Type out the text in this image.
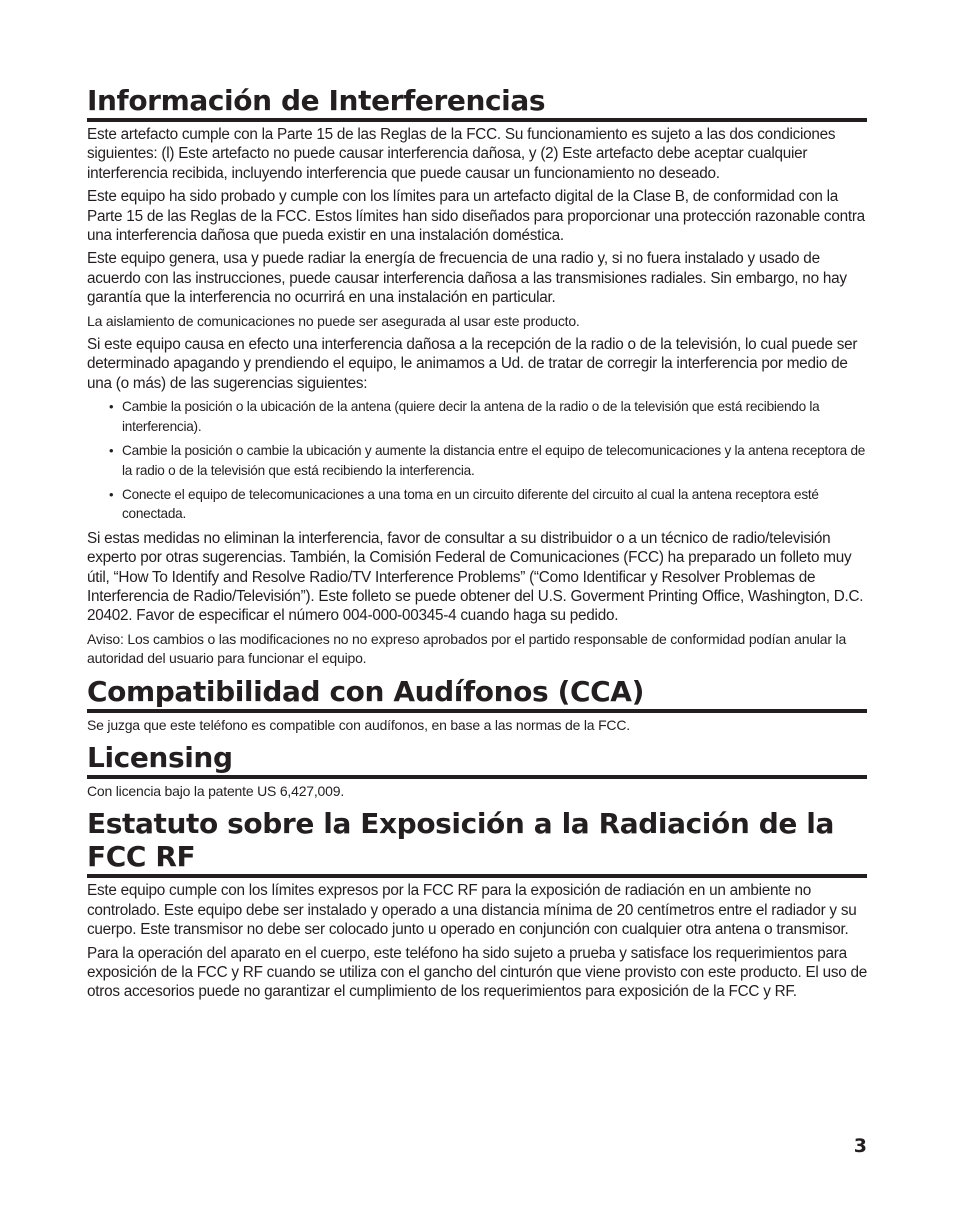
Información de Interferencias

Este artefacto cumple con la Parte 15 de las Reglas de la FCC. Su funcionamiento es sujeto a las dos condiciones siguientes: (l) Este artefacto no puede causar interferencia dañosa, y (2) Este artefacto debe aceptar cualquier interferencia recibida, incluyendo interferencia que puede causar un funcionamiento no deseado.

Este equipo ha sido probado y cumple con los límites para un artefacto digital de la Clase B, de conformidad con la Parte 15 de las Reglas de la FCC. Estos límites han sido diseñados para proporcionar una protección razonable contra una interferencia dañosa que pueda existir en una instalación doméstica.

Este equipo genera, usa y puede radiar la energía de frecuencia de una radio y, si no fuera instalado y usado de acuerdo con las instrucciones, puede causar interferencia dañosa a las transmisiones radiales. Sin embargo, no hay garantía que la interferencia no ocurrirá en una instalación en particular.

La aislamiento de comunicaciones no puede ser asegurada al usar este producto.

Si este equipo causa en efecto una interferencia dañosa a la recepción de la radio o de la televisión, lo cual puede ser determinado apagando y prendiendo el equipo, le animamos a Ud. de tratar de corregir la interferencia por medio de una (o más) de las sugerencias siguientes:

• Cambie la posición o la ubicación de la antena (quiere decir la antena de la radio o de la televisión que está recibiendo la interferencia).
• Cambie la posición o cambie la ubicación y aumente la distancia entre el equipo de telecomunicaciones y la antena receptora de la radio o de la televisión que está recibiendo la interferencia.
• Conecte el equipo de telecomunicaciones a una toma en un circuito diferente del circuito al cual la antena receptora esté conectada.

Si estas medidas no eliminan la interferencia, favor de consultar a su distribuidor o a un técnico de radio/televisión experto por otras sugerencias. También, la Comisión Federal de Comunicaciones (FCC) ha preparado un folleto muy útil, “How To Identify and Resolve Radio/TV Interference Problems” (“Como Identificar y Resolver Problemas de Interferencia de Radio/Televisión”). Este folleto se puede obtener del U.S. Goverment Printing Office, Washington, D.C. 20402. Favor de especificar el número 004-000-00345-4 cuando haga su pedido.

Aviso: Los cambios o las modificaciones no no expreso aprobados por el partido responsable de conformidad podían anular la autoridad del usuario para funcionar el equipo.

Compatibilidad con Audífonos (CCA)

Se juzga que este teléfono es compatible con audífonos, en base a las normas de la FCC.

Licensing

Con licencia bajo la patente US 6,427,009.

Estatuto sobre la Exposición a la Radiación de la FCC RF

Este equipo cumple con los límites expresos por la FCC RF para la exposición de radiación en un ambiente no controlado. Este equipo debe ser instalado y operado a una distancia mínima de 20 centímetros entre el radiador y su cuerpo. Este transmisor no debe ser colocado junto u operado en conjunción con cualquier otra antena o transmisor.

Para la operación del aparato en el cuerpo, este teléfono ha sido sujeto a prueba y satisface los requerimientos para exposición de la FCC y RF cuando se utiliza con el gancho del cinturón que viene provisto con este producto. El uso de otros accesorios puede no garantizar el cumplimiento de los requerimientos para exposición de la FCC y RF.

3
